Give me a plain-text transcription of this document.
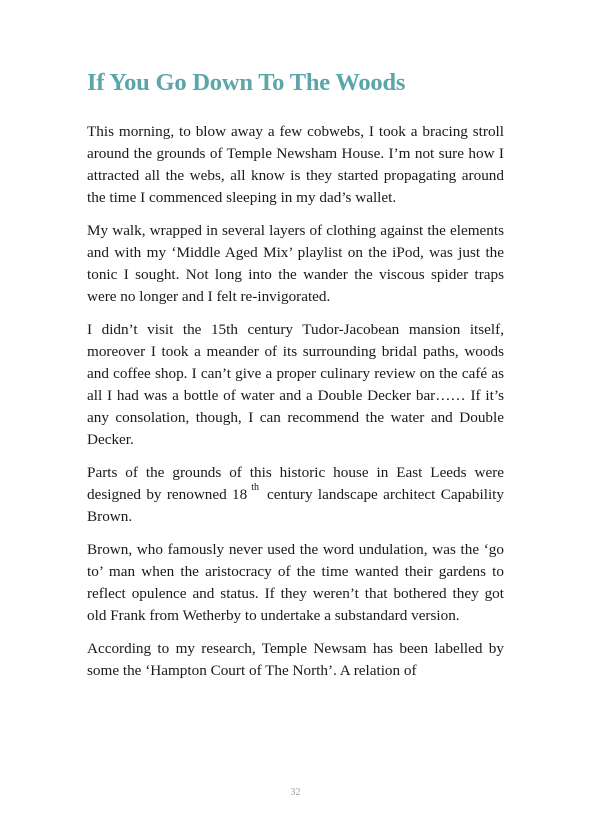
If You Go Down To The Woods

This morning, to blow away a few cobwebs, I took a bracing stroll around the grounds of Temple Newsham House. I’m not sure how I attracted all the webs, all know is they started propagating around the time I commenced sleeping in my dad’s wallet.

My walk, wrapped in several layers of clothing against the elements and with my ‘Middle Aged Mix’ playlist on the iPod, was just the tonic I sought. Not long into the wander the viscous spider traps were no longer and I felt re-invigorated.

I didn’t visit the 15th century Tudor-Jacobean mansion itself, moreover I took a meander of its surrounding bridal paths, woods and coffee shop. I can’t give a proper culinary review on the café as all I had was a bottle of water and a Double Decker bar…… If it’s any consolation, though, I can recommend the water and Double Decker.

Parts of the grounds of this historic house in East Leeds were designed by renowned 18 $^{th}$ century landscape architect Capability Brown.

Brown, who famously never used the word undulation, was the ‘go to’ man when the aristocracy of the time wanted their gardens to reflect opulence and status. If they weren’t that bothered they got old Frank from Wetherby to undertake a substandard version.

According to my research, Temple Newsam has been labelled by some the ‘Hampton Court of The North’. A relation of

32
